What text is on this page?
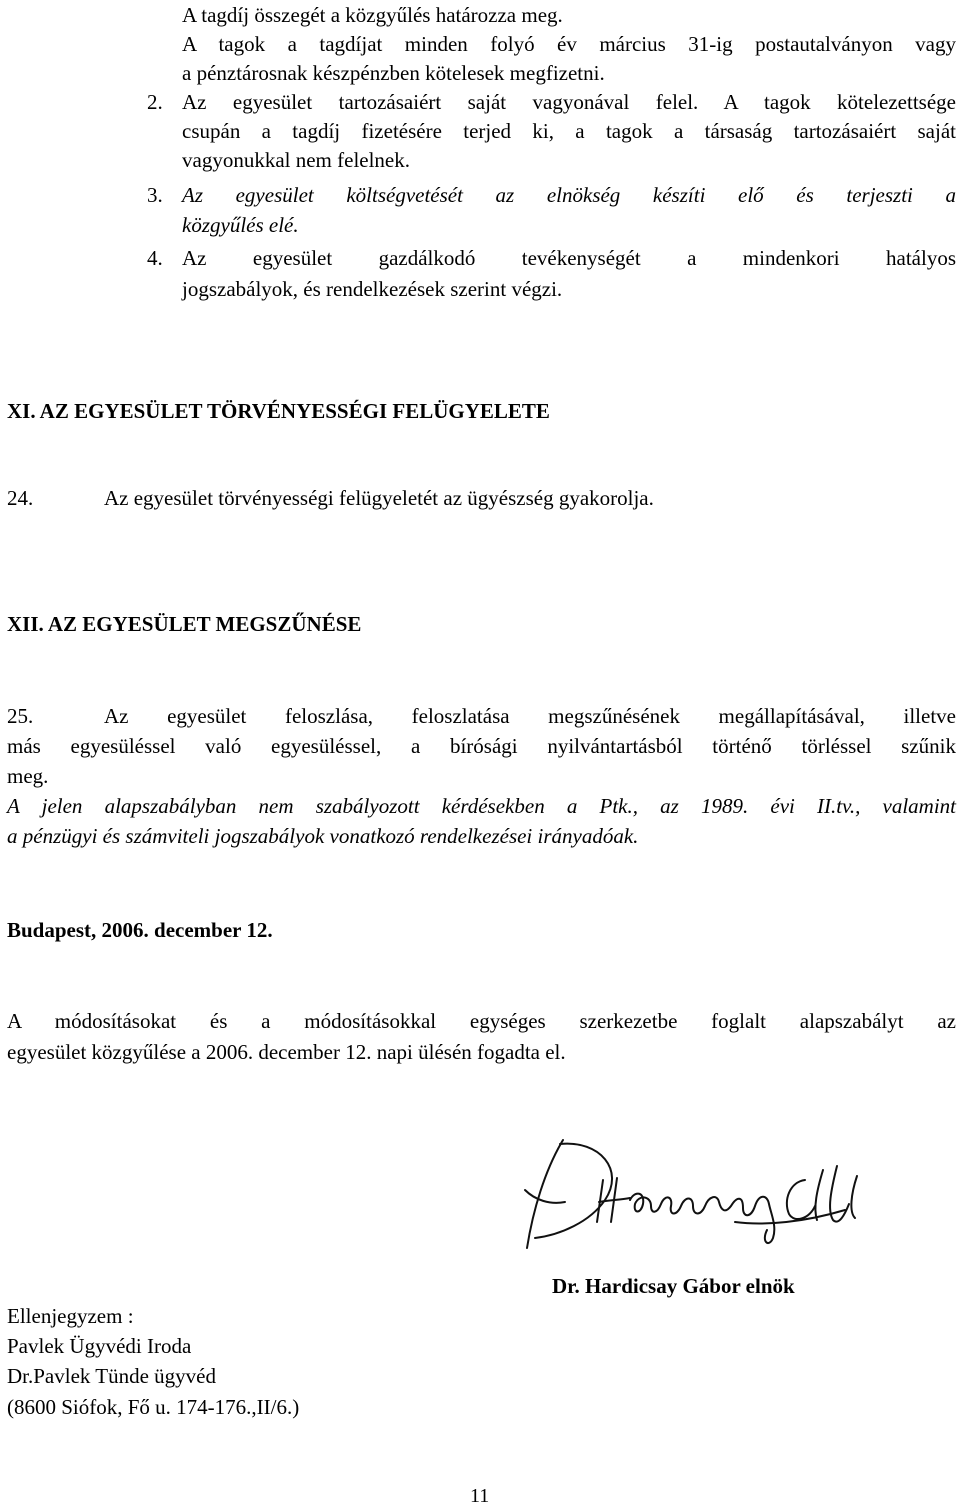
A tagdíj összegét a közgyűlés határozza meg.
A tagok a tagdíjat minden folyó év március 31-ig postautalványon vagy
a pénztárosnak készpénzben kötelesek megfizetni.
2. Az egyesület tartozásaiért saját vagyonával felel. A tagok kötelezettsége
csupán a tagdíj fizetésére terjed ki, a tagok a társaság tartozásaiért saját
vagyonukkal nem felelnek.
3. Az egyesület költségvetését az elnökség készíti elő és terjeszti a
közgyűlés elé.
4. Az egyesület gazdálkodó tevékenységét a mindenkori hatályos
jogszabályok, és rendelkezések szerint végzi.
XI. AZ EGYESÜLET TÖRVÉNYESSÉGI FELÜGYELETE
24.	Az egyesület törvényességi felügyeletét az ügyészség gyakorolja.
XII. AZ EGYESÜLET MEGSZŰNÉSE
25.	Az egyesület feloszlása, feloszlatása megszűnésének megállapításával, illetve
más egyesüléssel való egyesüléssel, a bírósági nyilvántartásból történő törléssel szűnik
meg.
A jelen alapszabályban nem szabályozott kérdésekben a Ptk., az 1989. évi II.tv., valamint
a pénzügyi és számviteli jogszabályok vonatkozó rendelkezései irányadóak.
Budapest, 2006. december 12.
A módosításokat és a módosításokkal egységes szerkezetbe foglalt alapszabályt az
egyesület közgyűlése a 2006. december 12. napi ülésén fogadta el.
Dr. Hardicsay Gábor elnök
Ellenjegyzem :
Pavlek Ügyvédi Iroda
Dr.Pavlek Tünde ügyvéd
(8600 Siófok, Fő u. 174-176.,II/6.)
11
